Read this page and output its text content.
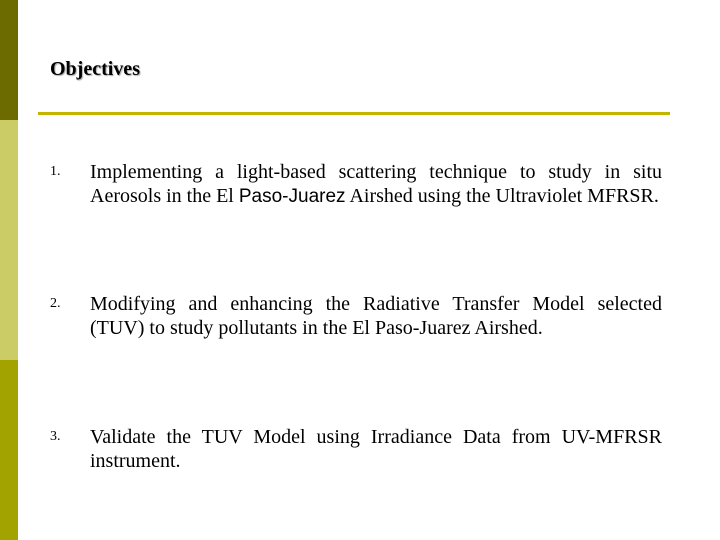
Objectives
1. Implementing a light-based scattering technique to study in situ Aerosols in the El Paso-Juarez Airshed using the Ultraviolet MFRSR.
2. Modifying and enhancing the Radiative Transfer Model selected (TUV) to study pollutants in the El Paso-Juarez Airshed.
3. Validate the TUV Model using Irradiance Data from UV-MFRSR instrument.
